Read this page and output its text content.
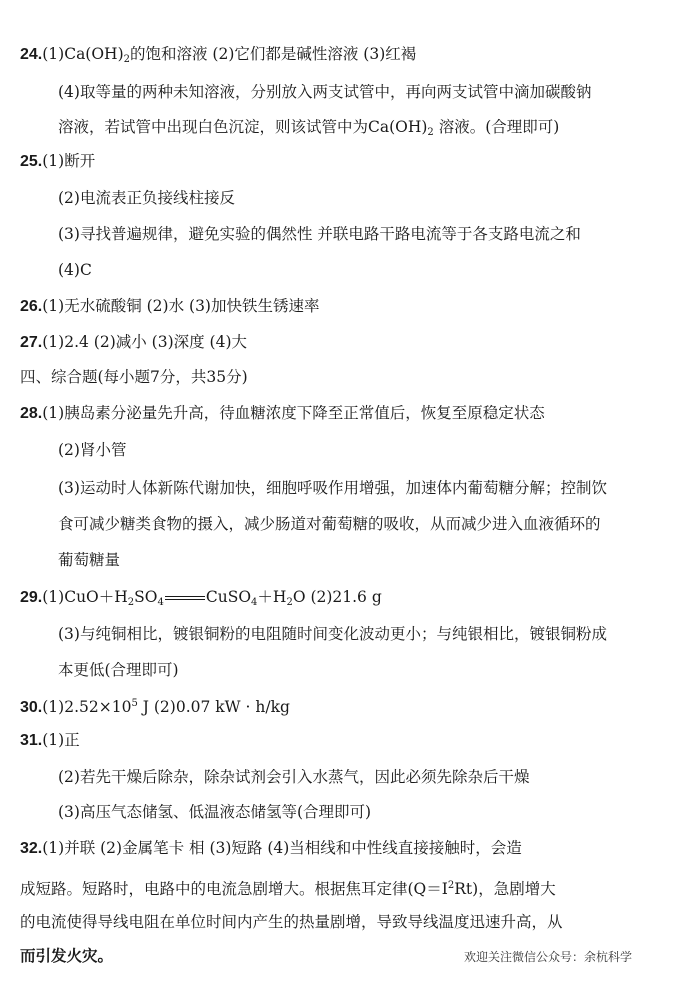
$24.(1)Ca(OH)_2$的饱和溶液 (2)它们都是碱性溶液 (3)红褐
(4)取等量的两种未知溶液，分别放入两支试管中，再向两支试管中滴加碳酸钠
溶液，若试管中出现白色沉淀，则该试管中为$Ca(OH)_2$ 溶液。(合理即可)
25.(1)断开
(2)电流表正负接线柱接反
(3)寻找普遍规律，避免实验的偶然性 并联电路干路电流等于各支路电流之和
(4)C
26.(1)无水硫酸铜 (2)水 (3)加快铁生锈速率
27.(1)2.4 (2)减小 (3)深度 (4)大
四、综合题(每小题7分，共35分)
28.(1)胰岛素分泌量先升高，待血糖浓度下降至正常值后，恢复至原稳定状态
(2)肾小管
(3)运动时人体新陈代谢加快，细胞呼吸作用增强，加速体内葡萄糖分解；控制饮
食可减少糖类食物的摄入，减少肠道对葡萄糖的吸收，从而减少进入血液循环的
葡萄糖量
$29.(1)CuO+H_2SO_4$	$CuSO_4+H_2O$ (2)21.6 g
(3)与纯铜相比，镀银铜粉的电阻随时间变化波动更小；与纯银相比，镀银铜粉成
本更低(合理即可)
$30.(1)2.52\times 10^5$ J (2)0.07 kW · h/kg
31.(1)正
(2)若先干燥后除杂，除杂试剂会引入水蒸气，因此必须先除杂后干燥
(3)高压气态储氢、低温液态储氢等(合理即可)
32.(1)并联 (2)金属笔卡 相 (3)短路 (4)当相线和中性线直接接触时，会造
成短路。短路时，电路中的电流急剧增大。根据焦耳定律$(Q=I^2Rt)$，急剧增大
的电流使得导线电阻在单位时间内产生的热量剧增，导致导线温度迅速升高，从
而引发火灾。	欢迎关注微信公众号：余杭科学
